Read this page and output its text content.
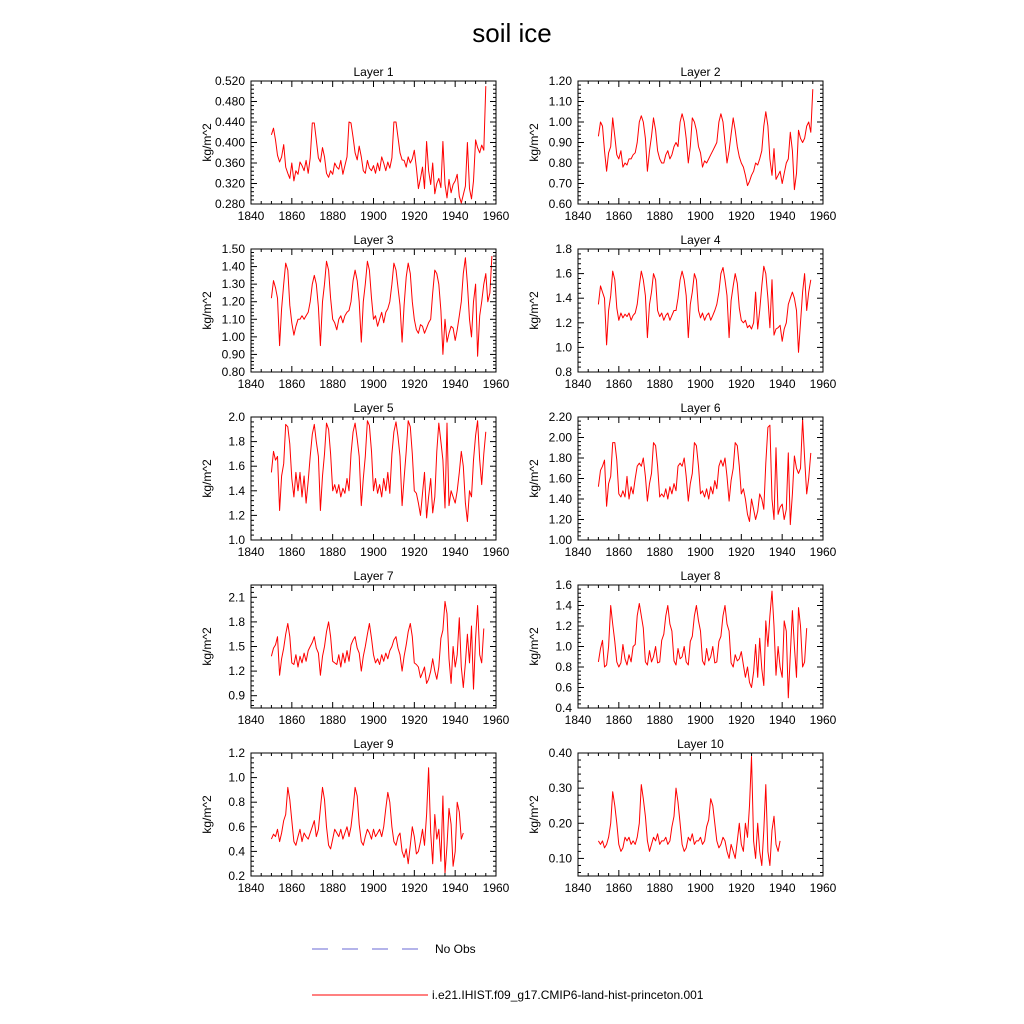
soil ice
Layer 1
kg/m^2
1840 1860 1880 1900 1920 1940 1960
0.280
0.320
0.360
0.400
0.440
0.480
0.520
Layer 2
kg/m^2
1840 1860 1880 1900 1920 1940 1960
0.60
0.70
0.80
0.90
1.00
1.10
1.20
Layer 3
kg/m^2
1840 1860 1880 1900 1920 1940 1960
0.80
0.90
1.00
1.10
1.20
1.30
1.40
1.50
Layer 4
kg/m^2
1840 1860 1880 1900 1920 1940 1960
0.8
1.0
1.2
1.4
1.6
1.8
Layer 5
kg/m^2
1840 1860 1880 1900 1920 1940 1960
1.0
1.2
1.4
1.6
1.8
2.0
Layer 6
kg/m^2
1840 1860 1880 1900 1920 1940 1960
1.00
1.20
1.40
1.60
1.80
2.00
2.20
Layer 7
kg/m^2
1840 1860 1880 1900 1920 1940 1960
0.9
1.2
1.5
1.8
2.1
Layer 8
kg/m^2
1840 1860 1880 1900 1920 1940 1960
0.4
0.6
0.8
1.0
1.2
1.4
1.6
Layer 9
kg/m^2
1840 1860 1880 1900 1920 1940 1960
0.2
0.4
0.6
0.8
1.0
1.2
Layer 10
kg/m^2
1840 1860 1880 1900 1920 1940 1960
0.10
0.20
0.30
0.40
No Obs
i.e21.IHIST.f09_g17.CMIP6-land-hist-princeton.001
